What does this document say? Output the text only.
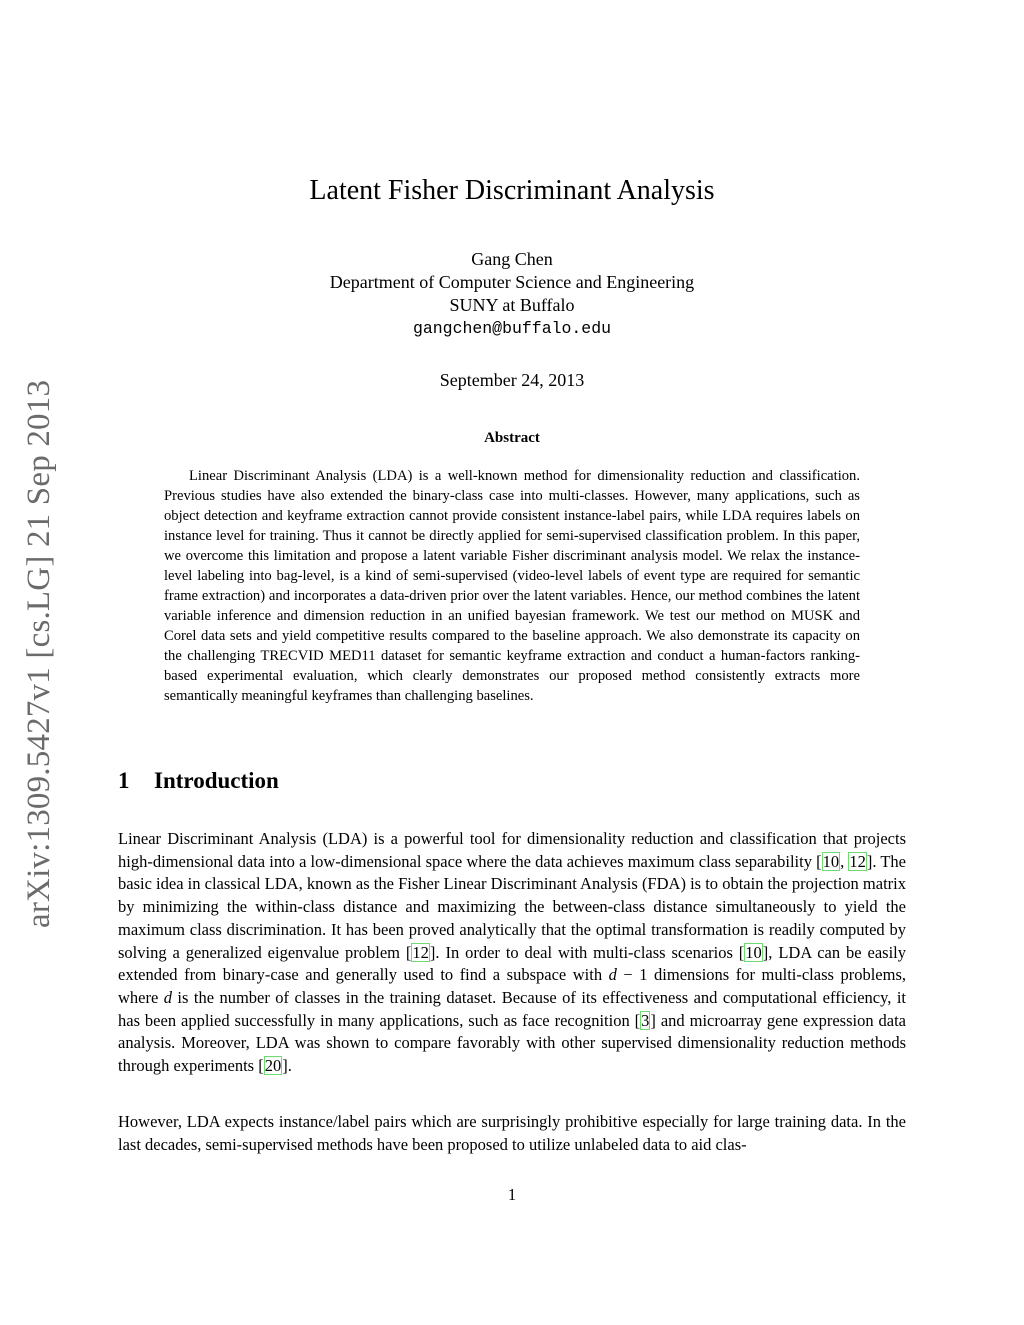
arXiv:1309.5427v1 [cs.LG] 21 Sep 2013
Latent Fisher Discriminant Analysis
Gang Chen
Department of Computer Science and Engineering
SUNY at Buffalo
gangchen@buffalo.edu
September 24, 2013
Abstract

Linear Discriminant Analysis (LDA) is a well-known method for dimensionality reduction and classification. Previous studies have also extended the binary-class case into multi-classes. However, many applications, such as object detection and keyframe extraction cannot provide consistent instance-label pairs, while LDA requires labels on instance level for training. Thus it cannot be directly applied for semi-supervised classification problem. In this paper, we overcome this limitation and propose a latent variable Fisher discriminant analysis model. We relax the instance-level labeling into bag-level, is a kind of semi-supervised (video-level labels of event type are required for semantic frame extraction) and incorporates a data-driven prior over the latent variables. Hence, our method combines the latent variable inference and dimension reduction in an unified bayesian framework. We test our method on MUSK and Corel data sets and yield competitive results compared to the baseline approach. We also demonstrate its capacity on the challenging TRECVID MED11 dataset for semantic keyframe extraction and conduct a human-factors ranking-based experimental evaluation, which clearly demonstrates our proposed method consistently extracts more semantically meaningful keyframes than challenging baselines.

1 Introduction

Linear Discriminant Analysis (LDA) is a powerful tool for dimensionality reduction and classification that projects high-dimensional data into a low-dimensional space where the data achieves maximum class separability [10, 12]. The basic idea in classical LDA, known as the Fisher Linear Discriminant Analysis (FDA) is to obtain the projection matrix by minimizing the within-class distance and maximizing the between-class distance simultaneously to yield the maximum class discrimination. It has been proved analytically that the optimal transformation is readily computed by solving a generalized eigenvalue problem [12]. In order to deal with multi-class scenarios [10], LDA can be easily extended from binary-case and generally used to find a subspace with d − 1 dimensions for multi-class problems, where d is the number of classes in the training dataset. Because of its effectiveness and computational efficiency, it has been applied successfully in many applications, such as face recognition [3] and microarray gene expression data analysis. Moreover, LDA was shown to compare favorably with other supervised dimensionality reduction methods through experiments [20].

However, LDA expects instance/label pairs which are surprisingly prohibitive especially for large training data. In the last decades, semi-supervised methods have been proposed to utilize unlabeled data to aid clas-

1
